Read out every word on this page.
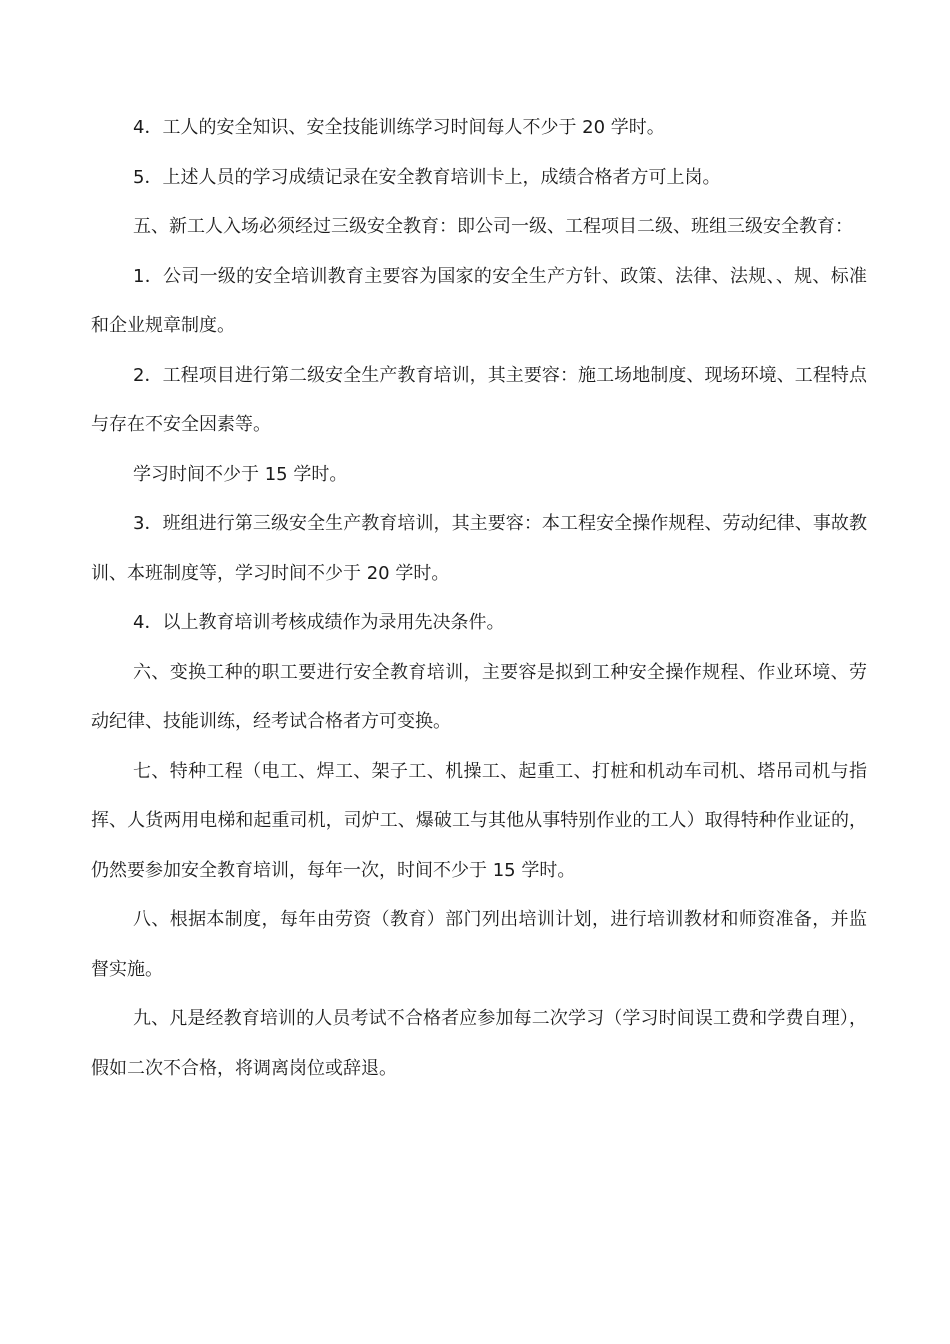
4．工人的安全知识、安全技能训练学习时间每人不少于 20 学时。

5．上述人员的学习成绩记录在安全教育培训卡上，成绩合格者方可上岗。

五、新工人入场必须经过三级安全教育：即公司一级、工程项目二级、班组三级安全教育：

1．公司一级的安全培训教育主要容为国家的安全生产方针、政策、法律、法规、、规、标准和企业规章制度。

2．工程项目进行第二级安全生产教育培训，其主要容：施工场地制度、现场环境、工程特点与存在不安全因素等。

学习时间不少于 15 学时。

3．班组进行第三级安全生产教育培训，其主要容：本工程安全操作规程、劳动纪律、事故教训、本班制度等，学习时间不少于 20 学时。

4．以上教育培训考核成绩作为录用先决条件。

六、变换工种的职工要进行安全教育培训，主要容是拟到工种安全操作规程、作业环境、劳动纪律、技能训练，经考试合格者方可变换。

七、特种工程（电工、焊工、架子工、机操工、起重工、打桩和机动车司机、塔吊司机与指挥、人货两用电梯和起重司机，司炉工、爆破工与其他从事特别作业的工人）取得特种作业证的，仍然要参加安全教育培训，每年一次，时间不少于 15 学时。

八、根据本制度，每年由劳资（教育）部门列出培训计划，进行培训教材和师资准备，并监督实施。

九、凡是经教育培训的人员考试不合格者应参加每二次学习（学习时间误工费和学费自理），假如二次不合格，将调离岗位或辞退。
